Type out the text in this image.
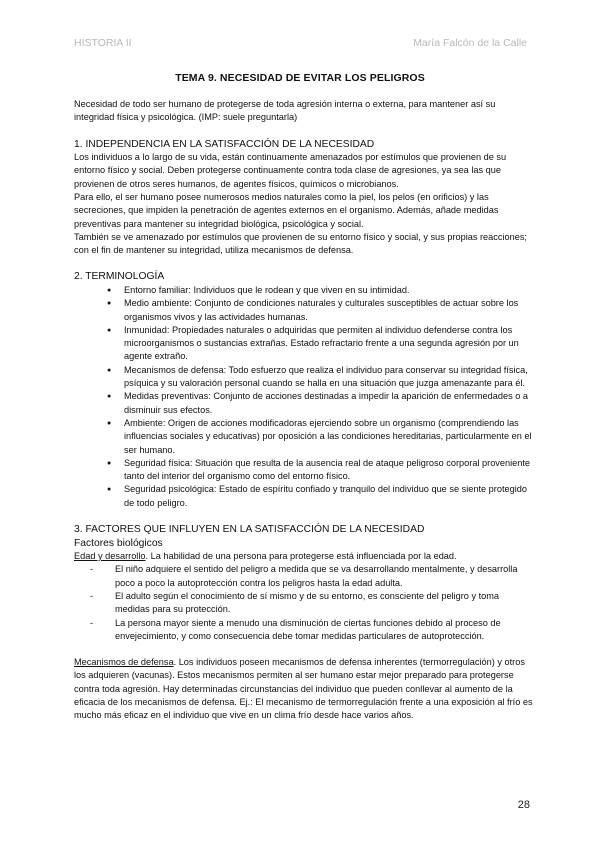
HISTORIA II	María Falcón de la Calle
TEMA 9. NECESIDAD DE EVITAR LOS PELIGROS

Necesidad de todo ser humano de protegerse de toda agresión interna o externa, para mantener así su integridad física y psicológica. (IMP: suele preguntarla)

1. INDEPENDENCIA EN LA SATISFACCIÓN DE LA NECESIDAD

Los individuos a lo largo de su vida, están continuamente amenazados por estímulos que provienen de su entorno físico y social. Deben protegerse continuamente contra toda clase de agresiones, ya sea las que provienen de otros seres humanos, de agentes físicos, químicos o microbianos.

Para ello, el ser humano posee numerosos medios naturales como la piel, los pelos (en orificios) y las secreciones, que impiden la penetración de agentes externos en el organismo. Además, añade medidas preventivas para mantener su integridad biológica, psicológica y social.

También se ve amenazado por estímulos que provienen de su entorno físico y social, y sus propias reacciones; con el fin de mantener su integridad, utiliza mecanismos de defensa.

2. TERMINOLOGÍA

● Entorno familiar: Individuos que le rodean y que viven en su intimidad.
● Medio ambiente: Conjunto de condiciones naturales y culturales susceptibles de actuar sobre los organismos vivos y las actividades humanas.
● Inmunidad: Propiedades naturales o adquiridas que permiten al individuo defenderse contra los microorganismos o sustancias extrañas. Estado refractario frente a una segunda agresión por un agente extraño.
● Mecanismos de defensa: Todo esfuerzo que realiza el individuo para conservar su integridad física, psíquica y su valoración personal cuando se halla en una situación que juzga amenazante para él.
● Medidas preventivas: Conjunto de acciones destinadas a impedir la aparición de enfermedades o a disminuir sus efectos.
● Ambiente: Origen de acciones modificadoras ejerciendo sobre un organismo (comprendiendo las influencias sociales y educativas) por oposición a las condiciones hereditarias, particularmente en el ser humano.
● Seguridad física: Situación que resulta de la ausencia real de ataque peligroso corporal proveniente tanto del interior del organismo como del entorno físico.
● Seguridad psicológica: Estado de espíritu confiado y tranquilo del individuo que se siente protegido de todo peligro.

3. FACTORES QUE INFLUYEN EN LA SATISFACCIÓN DE LA NECESIDAD

Factores biológicos

Edad y desarrollo. La habilidad de una persona para protegerse está influenciada por la edad.

- El niño adquiere el sentido del peligro a medida que se va desarrollando mentalmente, y desarrolla poco a poco la autoprotección contra los peligros hasta la edad adulta.
- El adulto según el conocimiento de sí mismo y de su entorno, es consciente del peligro y toma medidas para su protección.
- La persona mayor siente a menudo una disminución de ciertas funciones debido al proceso de envejecimiento, y como consecuencia debe tomar medidas particulares de autoprotección.

Mecanismos de defensa. Los individuos poseen mecanismos de defensa inherentes (termorregulación) y otros los adquieren (vacunas). Estos mecanismos permiten al ser humano estar mejor preparado para protegerse contra toda agresión. Hay determinadas circunstancias del individuo que pueden conllevar al aumento de la eficacia de los mecanismos de defensa. Ej.: El mecanismo de termorregulación frente a una exposición al frío es mucho más eficaz en el individuo que vive en un clima frío desde hace varios años.

28
